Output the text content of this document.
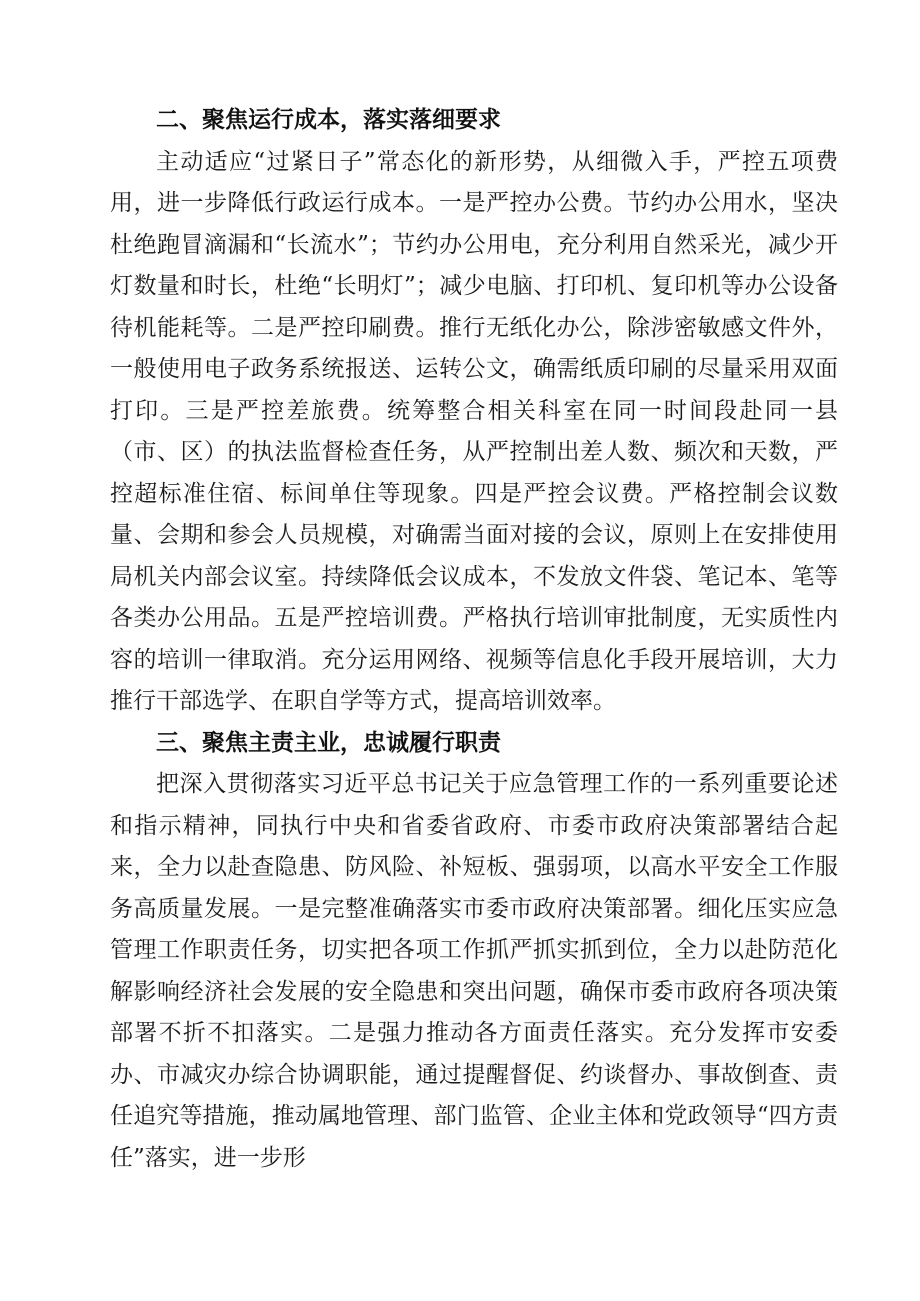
二、聚焦运行成本，落实落细要求

主动适应“过紧日子”常态化的新形势，从细微入手，严控五项费用，进一步降低行政运行成本。一是严控办公费。节约办公用水，坚决杜绝跑冒滴漏和“长流水”；节约办公用电，充分利用自然采光，减少开灯数量和时长，杜绝“长明灯”；减少电脑、打印机、复印机等办公设备待机能耗等。二是严控印刷费。推行无纸化办公，除涉密敏感文件外，一般使用电子政务系统报送、运转公文，确需纸质印刷的尽量采用双面打印。三是严控差旅费。统筹整合相关科室在同一时间段赴同一县（市、区）的执法监督检查任务，从严控制出差人数、频次和天数，严控超标准住宿、标间单住等现象。四是严控会议费。严格控制会议数量、会期和参会人员规模，对确需当面对接的会议，原则上在安排使用局机关内部会议室。持续降低会议成本，不发放文件袋、笔记本、笔等各类办公用品。五是严控培训费。严格执行培训审批制度，无实质性内容的培训一律取消。充分运用网络、视频等信息化手段开展培训，大力推行干部选学、在职自学等方式，提高培训效率。

三、聚焦主责主业，忠诚履行职责

把深入贯彻落实习近平总书记关于应急管理工作的一系列重要论述和指示精神，同执行中央和省委省政府、市委市政府决策部署结合起来，全力以赴查隐患、防风险、补短板、强弱项，以高水平安全工作服务高质量发展。一是完整准确落实市委市政府决策部署。细化压实应急管理工作职责任务，切实把各项工作抓严抓实抓到位，全力以赴防范化解影响经济社会发展的安全隐患和突出问题，确保市委市政府各项决策部署不折不扣落实。二是强力推动各方面责任落实。充分发挥市安委办、市减灾办综合协调职能，通过提醒督促、约谈督办、事故倒查、责任追究等措施，推动属地管理、部门监管、企业主体和党政领导“四方责任”落实，进一步形
